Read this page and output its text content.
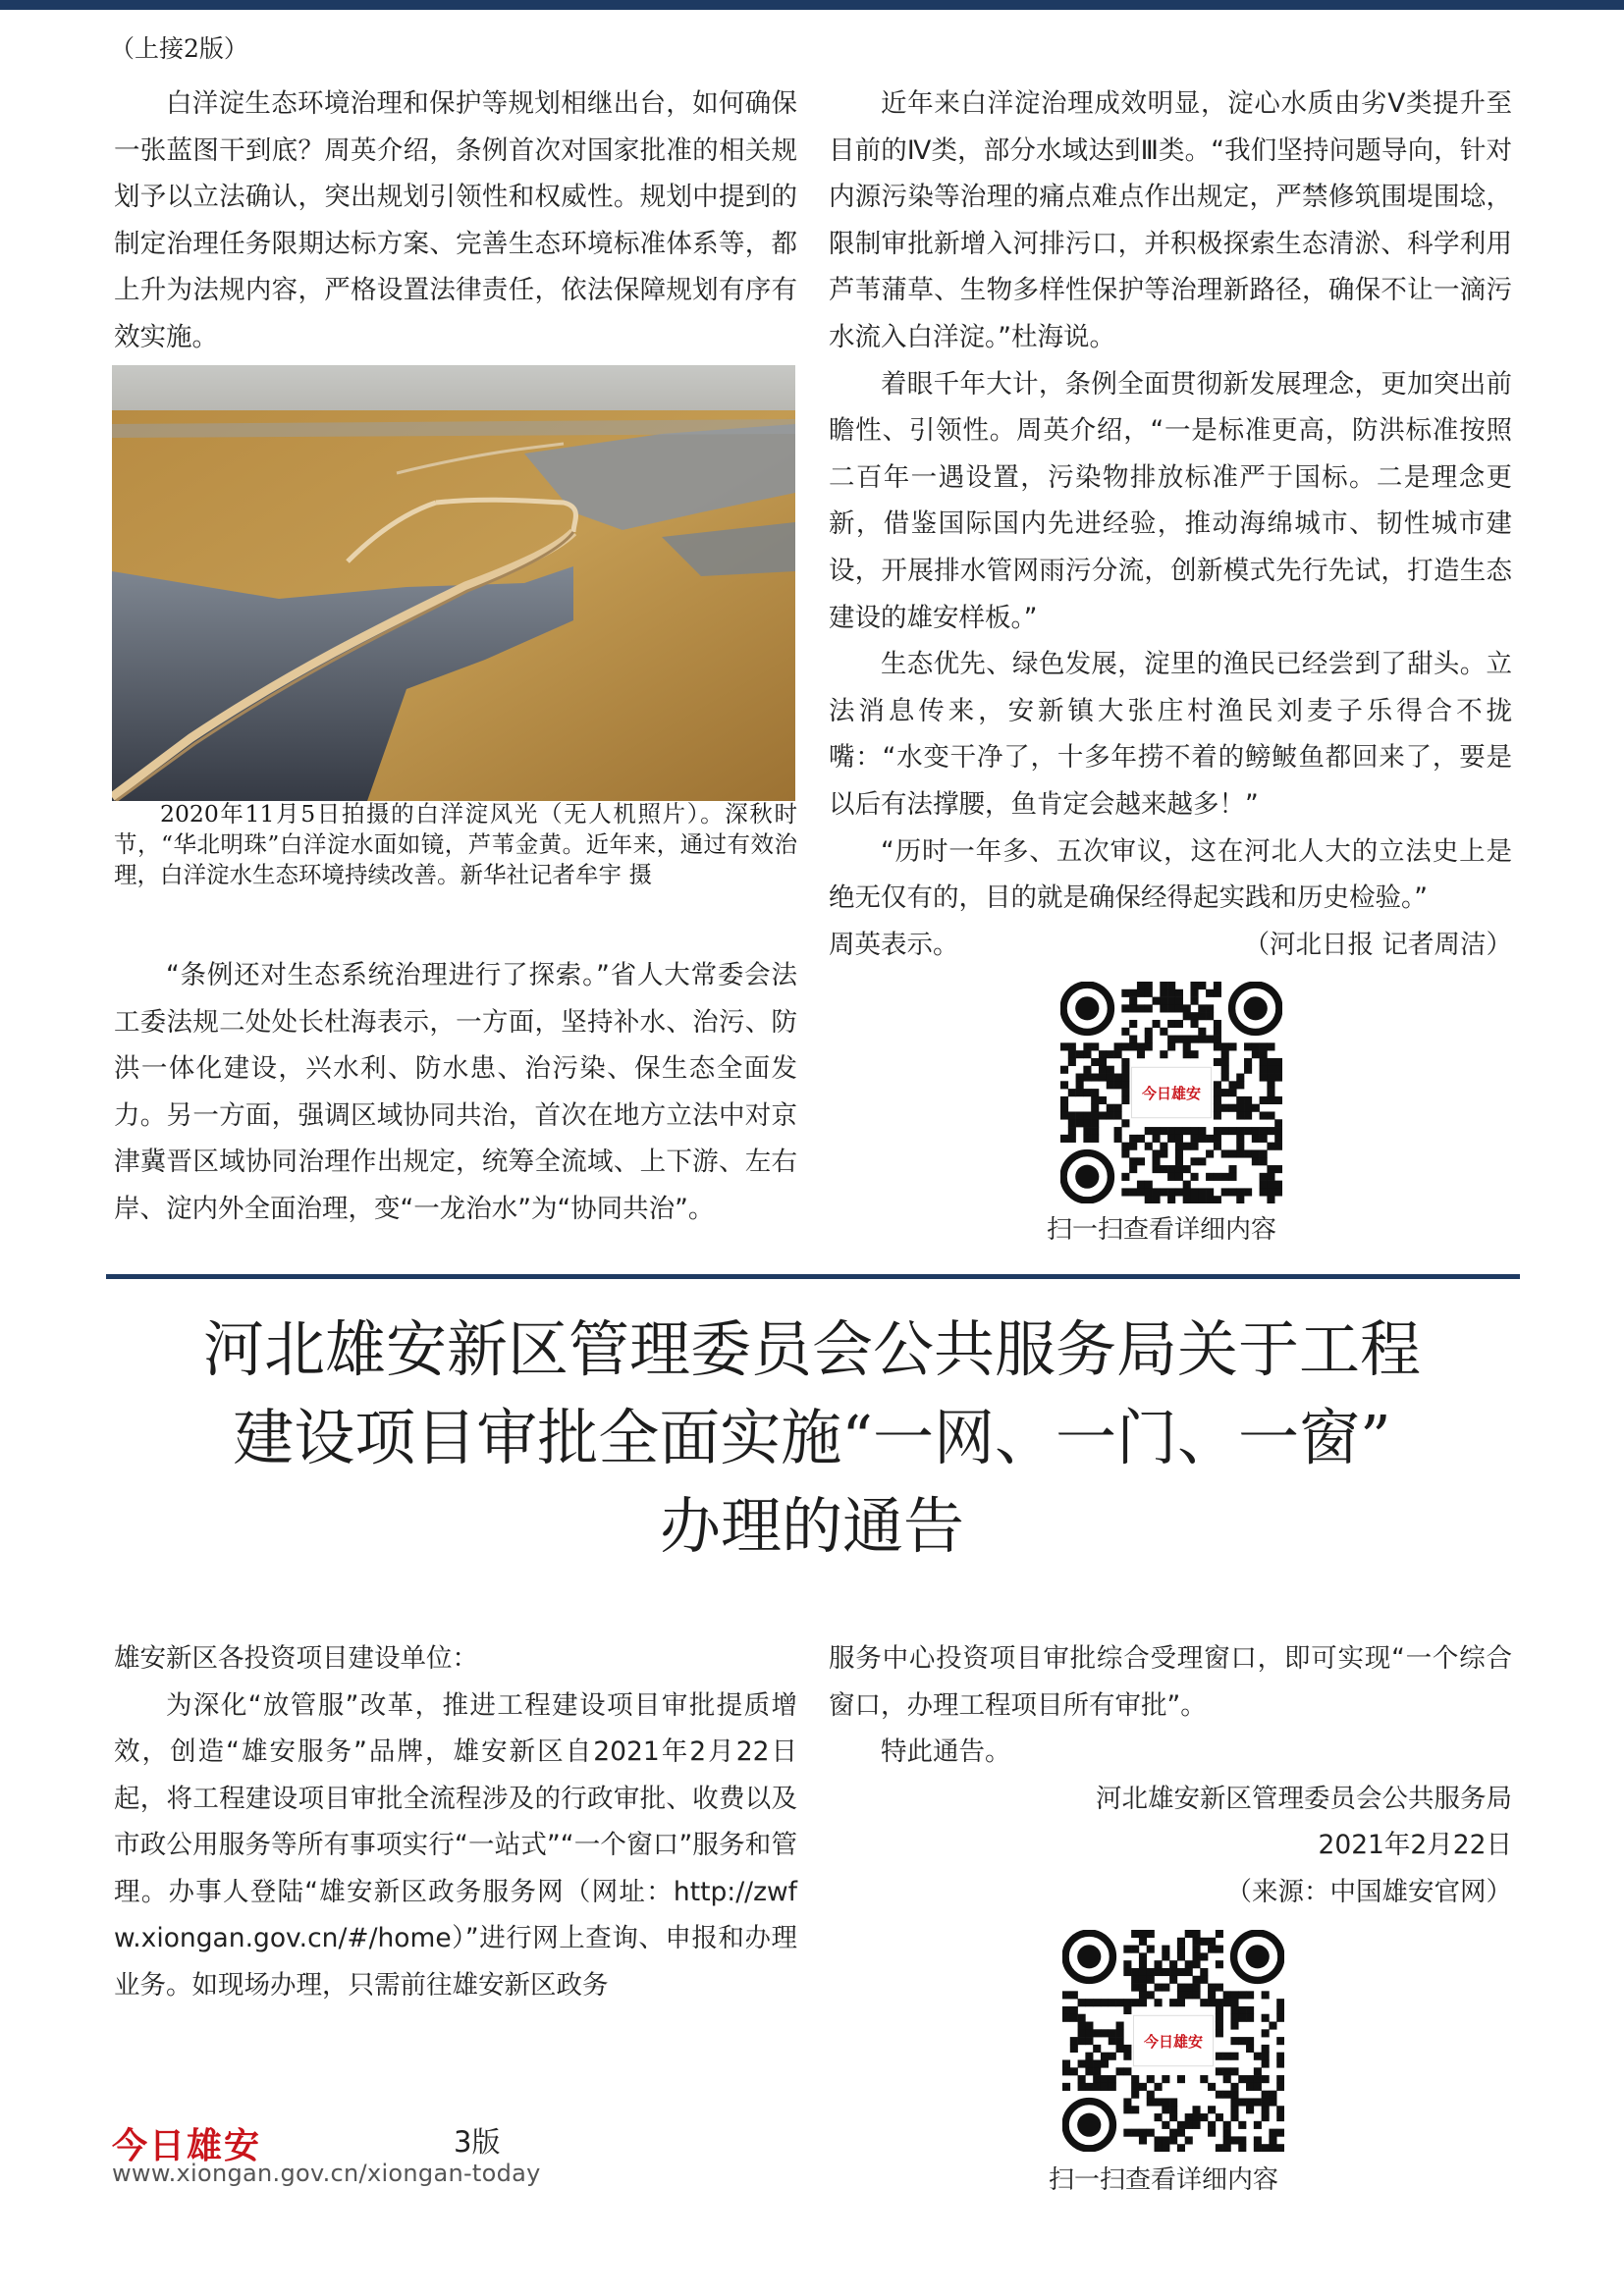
（上接2版）

白洋淀生态环境治理和保护等规划相继出台，如何确保一张蓝图干到底？周英介绍，条例首次对国家批准的相关规划予以立法确认，突出规划引领性和权威性。规划中提到的制定治理任务限期达标方案、完善生态环境标准体系等，都上升为法规内容，严格设置法律责任，依法保障规划有序有效实施。

2020年11月5日拍摄的白洋淀风光（无人机照片）。深秋时节，“华北明珠”白洋淀水面如镜，芦苇金黄。近年来，通过有效治理，白洋淀水生态环境持续改善。新华社记者牟宇 摄

“条例还对生态系统治理进行了探索。”省人大常委会法工委法规二处处长杜海表示，一方面，坚持补水、治污、防洪一体化建设，兴水利、防水患、治污染、保生态全面发力。另一方面，强调区域协同共治，首次在地方立法中对京津冀晋区域协同治理作出规定，统筹全流域、上下游、左右岸、淀内外全面治理，变“一龙治水”为“协同共治”。

近年来白洋淀治理成效明显，淀心水质由劣Ⅴ类提升至目前的Ⅳ类，部分水域达到Ⅲ类。“我们坚持问题导向，针对内源污染等治理的痛点难点作出规定，严禁修筑围堤围埝，限制审批新增入河排污口，并积极探索生态清淤、科学利用芦苇蒲草、生物多样性保护等治理新路径，确保不让一滴污水流入白洋淀。”杜海说。

着眼千年大计，条例全面贯彻新发展理念，更加突出前瞻性、引领性。周英介绍，“一是标准更高，防洪标准按照二百年一遇设置，污染物排放标准严于国标。二是理念更新，借鉴国际国内先进经验，推动海绵城市、韧性城市建设，开展排水管网雨污分流，创新模式先行先试，打造生态建设的雄安样板。”

生态优先、绿色发展，淀里的渔民已经尝到了甜头。立法消息传来，安新镇大张庄村渔民刘麦子乐得合不拢嘴：“水变干净了，十多年捞不着的鳑鲏鱼都回来了，要是以后有法撑腰，鱼肯定会越来越多！”

“历时一年多、五次审议，这在河北人大的立法史上是绝无仅有的，目的就是确保经得起实践和历史检验。”

周英表示。	（河北日报 记者周洁）

今日雄安
扫一扫查看详细内容
河北雄安新区管理委员会公共服务局关于工程
建设项目审批全面实施“一网、一门、一窗”
办理的通告

雄安新区各投资项目建设单位：

为深化“放管服”改革，推进工程建设项目审批提质增效，创造“雄安服务”品牌，雄安新区自2021年2月22日起，将工程建设项目审批全流程涉及的行政审批、收费以及市政公用服务等所有事项实行“一站式”“一个窗口”服务和管理。办事人登陆“雄安新区政务服务网（网址：http://zwfw.xiongan.gov.cn/#/home）”进行网上查询、申报和办理业务。如现场办理，只需前往雄安新区政务

服务中心投资项目审批综合受理窗口，即可实现“一个综合窗口，办理工程项目所有审批”。

特此通告。

河北雄安新区管理委员会公共服务局

2021年2月22日

（来源：中国雄安官网）

今日雄安
扫一扫查看详细内容
今日雄安	3版
www.xiongan.gov.cn/xiongan-today
